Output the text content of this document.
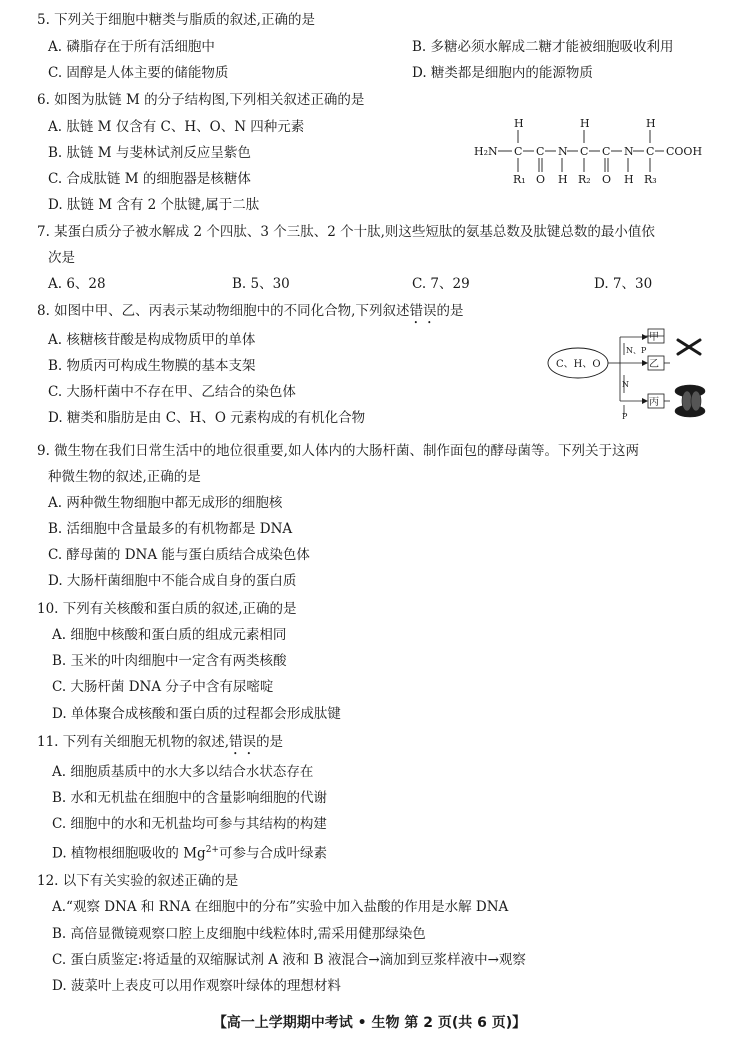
5. 下列关于细胞中糖类与脂质的叙述,正确的是
A. 磷脂存在于所有活细胞中	B. 多糖必须水解成二糖才能被细胞吸收利用
C. 固醇是人体主要的储能物质	D. 糖类都是细胞内的能源物质
6. 如图为肽链 M 的分子结构图,下列相关叙述正确的是
A. 肽链 M 仅含有 C、H、O、N 四种元素
B. 肽链 M 与斐林试剂反应呈紫色
C. 合成肽链 M 的细胞器是核糖体
D. 肽链 M 含有 2 个肽键,属于二肽
H₂N
H
C
R₁
C
O
N
H
H
C
R₂
C
O
N
H
H
C
R₃
COOH
7. 某蛋白质分子被水解成 2 个四肽、3 个三肽、2 个十肽,则这些短肽的氨基总数及肽键总数的最小值依
次是
A. 6、28	B. 5、30	C. 7、29	D. 7、30
8. 如图中甲、乙、丙表示某动物细胞中的不同化合物,下列叙述错误的是
A. 核糖核苷酸是构成物质甲的单体
B. 物质丙可构成生物膜的基本支架
C. 大肠杆菌中不存在甲、乙结合的染色体
D. 糖类和脂肪是由 C、H、O 元素构成的有机化合物
C、H、O
N、P
N
P
甲
乙
丙
9. 微生物在我们日常生活中的地位很重要,如人体内的大肠杆菌、制作面包的酵母菌等。下列关于这两
种微生物的叙述,正确的是
A. 两种微生物细胞中都无成形的细胞核
B. 活细胞中含量最多的有机物都是 DNA
C. 酵母菌的 DNA 能与蛋白质结合成染色体
D. 大肠杆菌细胞中不能合成自身的蛋白质
10. 下列有关核酸和蛋白质的叙述,正确的是
A. 细胞中核酸和蛋白质的组成元素相同
B. 玉米的叶肉细胞中一定含有两类核酸
C. 大肠杆菌 DNA 分子中含有尿嘧啶
D. 单体聚合成核酸和蛋白质的过程都会形成肽键
11. 下列有关细胞无机物的叙述,错误的是
A. 细胞质基质中的水大多以结合水状态存在
B. 水和无机盐在细胞中的含量影响细胞的代谢
C. 细胞中的水和无机盐均可参与其结构的构建
D. 植物根细胞吸收的 $Mg^{2+}$可参与合成叶绿素
12. 以下有关实验的叙述正确的是
A.“观察 DNA 和 RNA 在细胞中的分布”实验中加入盐酸的作用是水解 DNA
B. 高倍显微镜观察口腔上皮细胞中线粒体时,需采用健那绿染色
C. 蛋白质鉴定:将适量的双缩脲试剂 A 液和 B 液混合→滴加到豆浆样液中→观察
D. 菠菜叶上表皮可以用作观察叶绿体的理想材料
【高一上学期期中考试 • 生物 第 2 页(共 6 页)】
